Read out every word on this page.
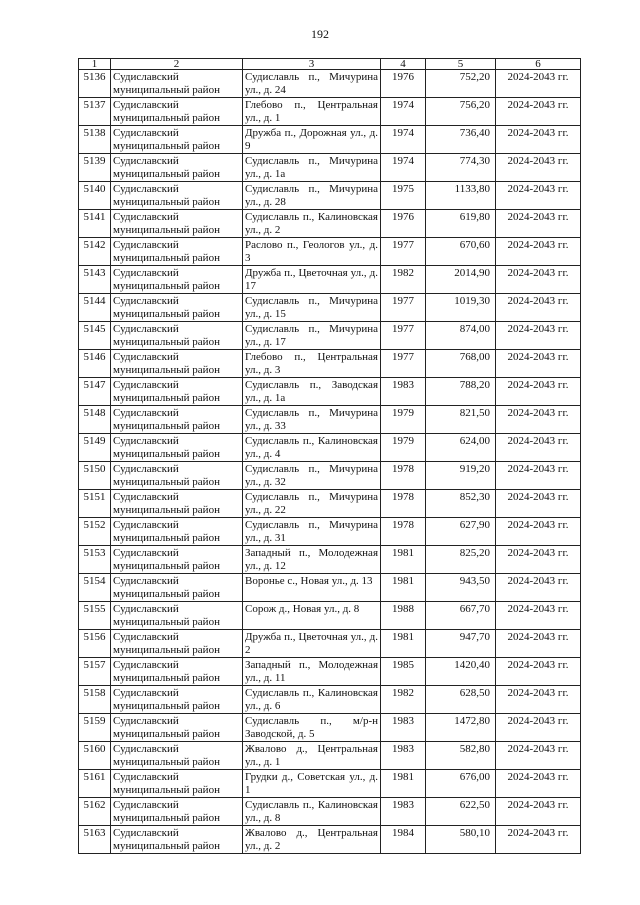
192
1	2	3	4	5	6
5136	Судиславский муниципальный район	Судиславль п., Мичурина ул., д. 24	1976	752,20	2024-2043 гг.
5137	Судиславский муниципальный район	Глебово п., Центральная ул., д. 1	1974	756,20	2024-2043 гг.
5138	Судиславский муниципальный район	Дружба п., Дорожная ул., д. 9	1974	736,40	2024-2043 гг.
5139	Судиславский муниципальный район	Судиславль п., Мичурина ул., д. 1а	1974	774,30	2024-2043 гг.
5140	Судиславский муниципальный район	Судиславль п., Мичурина ул., д. 28	1975	1133,80	2024-2043 гг.
5141	Судиславский муниципальный район	Судиславль п., Калиновская ул., д. 2	1976	619,80	2024-2043 гг.
5142	Судиславский муниципальный район	Раслово п., Геологов ул., д. 3	1977	670,60	2024-2043 гг.
5143	Судиславский муниципальный район	Дружба п., Цветочная ул., д. 17	1982	2014,90	2024-2043 гг.
5144	Судиславский муниципальный район	Судиславль п., Мичурина ул., д. 15	1977	1019,30	2024-2043 гг.
5145	Судиславский муниципальный район	Судиславль п., Мичурина ул., д. 17	1977	874,00	2024-2043 гг.
5146	Судиславский муниципальный район	Глебово п., Центральная ул., д. 3	1977	768,00	2024-2043 гг.
5147	Судиславский муниципальный район	Судиславль п., Заводская ул., д. 1а	1983	788,20	2024-2043 гг.
5148	Судиславский муниципальный район	Судиславль п., Мичурина ул., д. 33	1979	821,50	2024-2043 гг.
5149	Судиславский муниципальный район	Судиславль п., Калиновская ул., д. 4	1979	624,00	2024-2043 гг.
5150	Судиславский муниципальный район	Судиславль п., Мичурина ул., д. 32	1978	919,20	2024-2043 гг.
5151	Судиславский муниципальный район	Судиславль п., Мичурина ул., д. 22	1978	852,30	2024-2043 гг.
5152	Судиславский муниципальный район	Судиславль п., Мичурина ул., д. 31	1978	627,90	2024-2043 гг.
5153	Судиславский муниципальный район	Западный п., Молодежная ул., д. 12	1981	825,20	2024-2043 гг.
5154	Судиславский муниципальный район	Воронье с., Новая ул., д. 13	1981	943,50	2024-2043 гг.
5155	Судиславский муниципальный район	Сорож д., Новая ул., д. 8	1988	667,70	2024-2043 гг.
5156	Судиславский муниципальный район	Дружба п., Цветочная ул., д. 2	1981	947,70	2024-2043 гг.
5157	Судиславский муниципальный район	Западный п., Молодежная ул., д. 11	1985	1420,40	2024-2043 гг.
5158	Судиславский муниципальный район	Судиславль п., Калиновская ул., д. 6	1982	628,50	2024-2043 гг.
5159	Судиславский муниципальный район	Судиславль п., м/р-н Заводской, д. 5	1983	1472,80	2024-2043 гг.
5160	Судиславский муниципальный район	Жвалово д., Центральная ул., д. 1	1983	582,80	2024-2043 гг.
5161	Судиславский муниципальный район	Грудки д., Советская ул., д. 1	1981	676,00	2024-2043 гг.
5162	Судиславский муниципальный район	Судиславль п., Калиновская ул., д. 8	1983	622,50	2024-2043 гг.
5163	Судиславский муниципальный район	Жвалово д., Центральная ул., д. 2	1984	580,10	2024-2043 гг.
